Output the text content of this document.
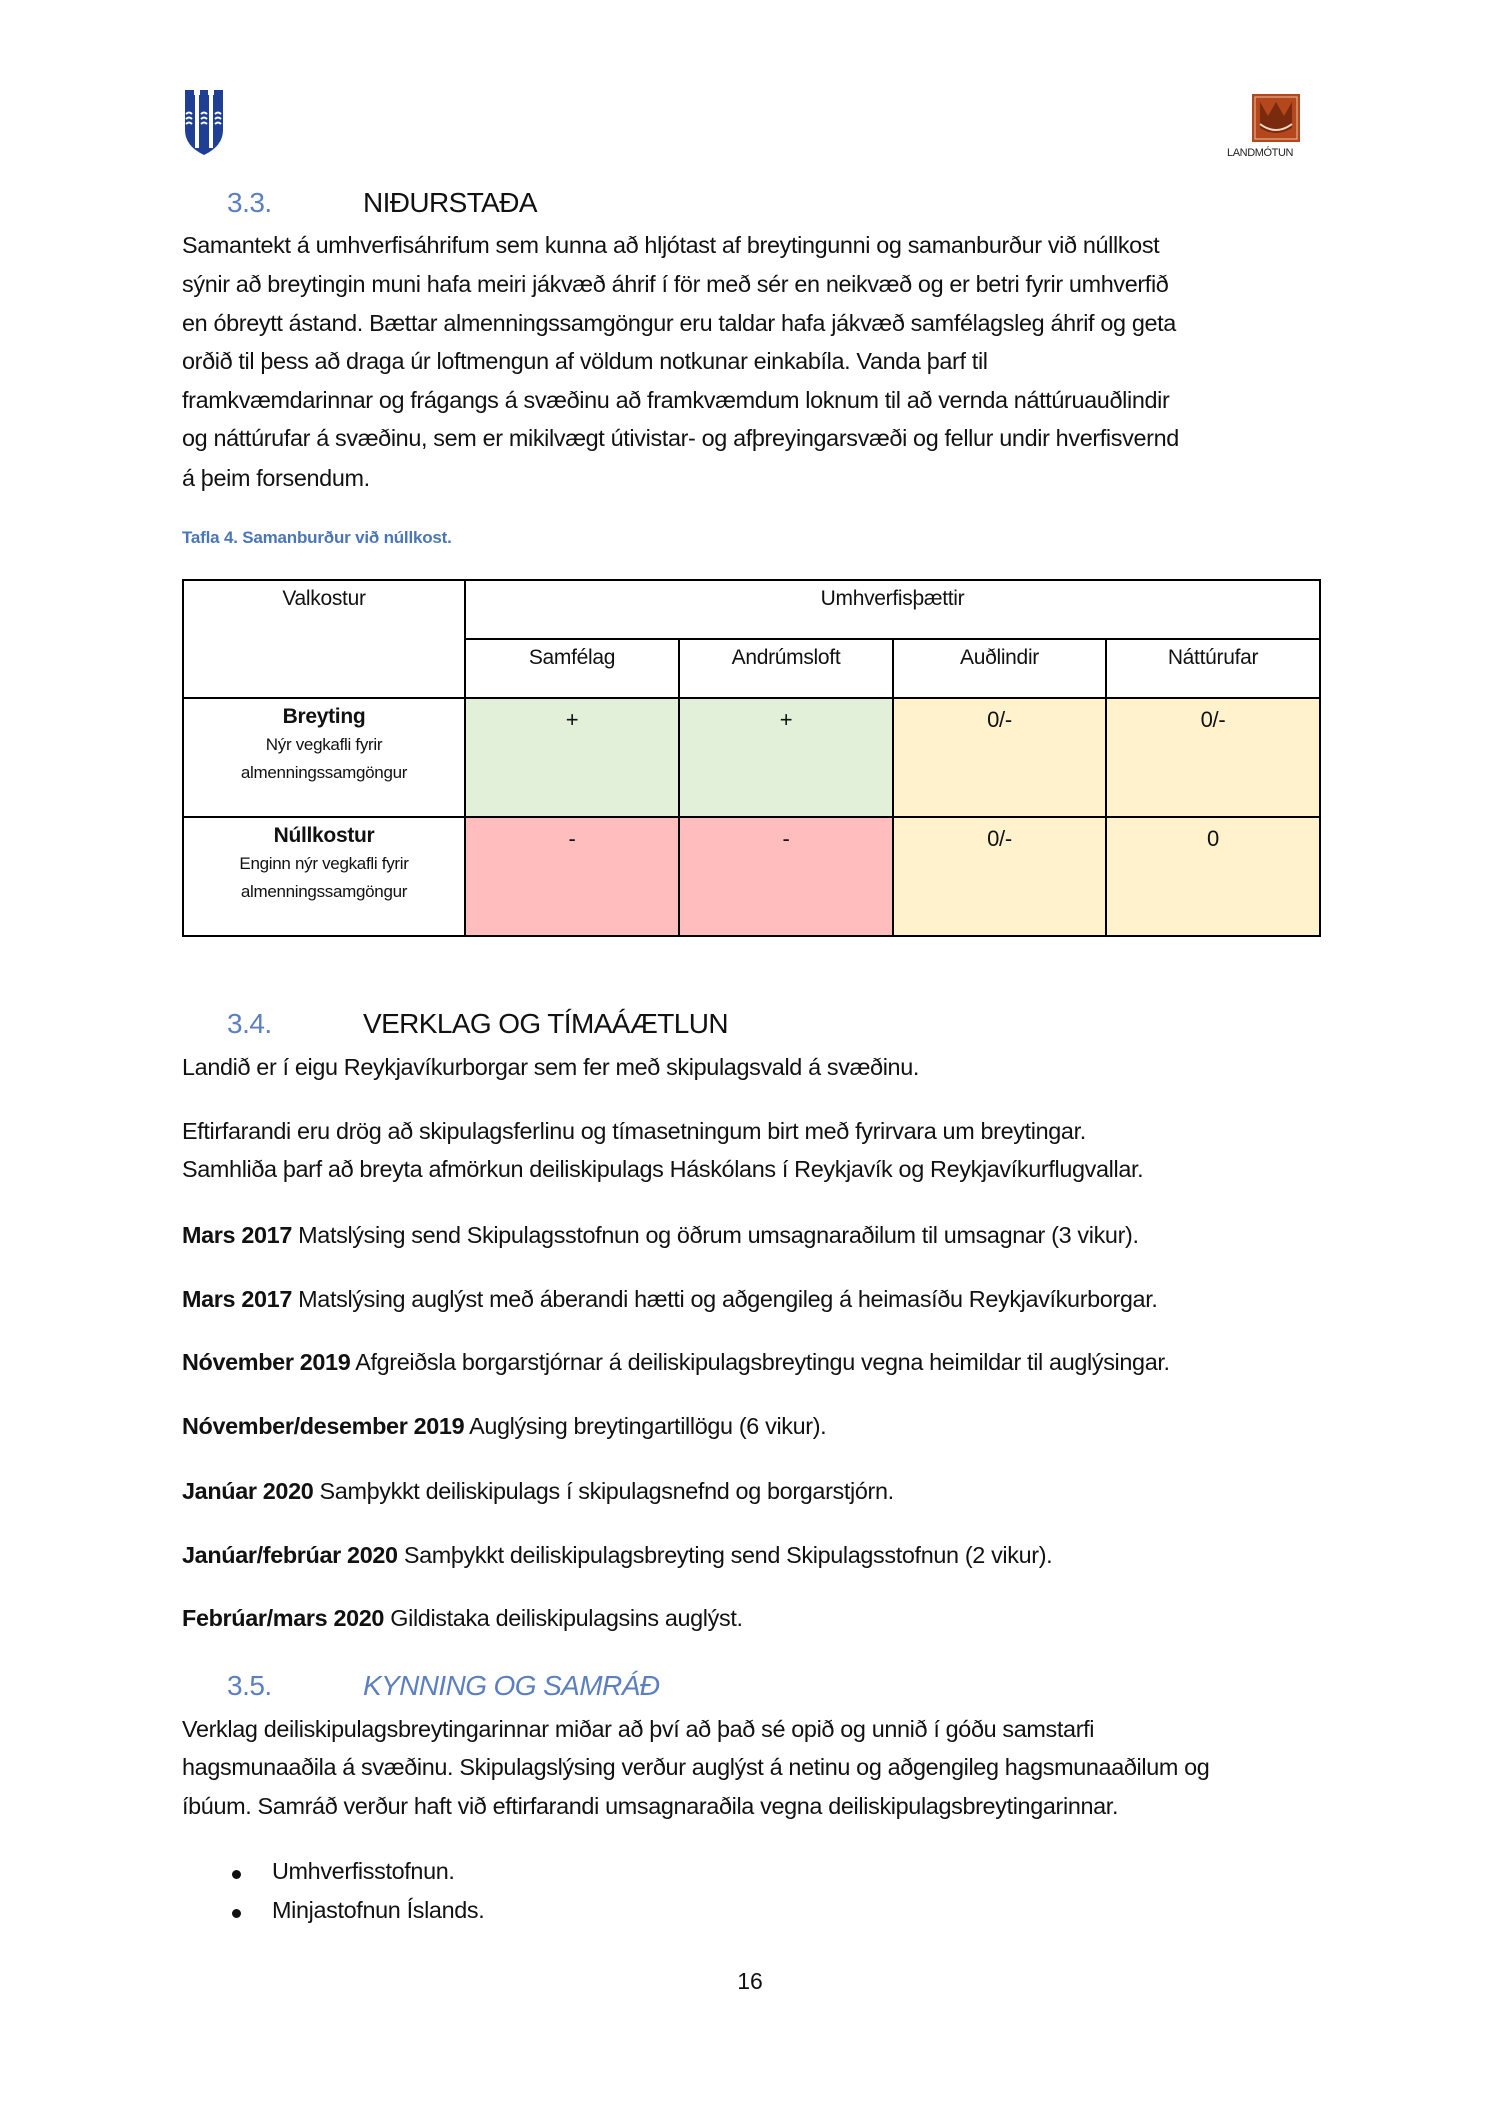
LANDMÓTUN
3.3.	NIÐURSTAÐA
Samantekt á umhverfisáhrifum sem kunna að hljótast af breytingunni og samanburður við núllkost
sýnir að breytingin muni hafa meiri jákvæð áhrif í för með sér en neikvæð og er betri fyrir umhverfið
en óbreytt ástand. Bættar almenningssamgöngur eru taldar hafa jákvæð samfélagsleg áhrif og geta
orðið til þess að draga úr loftmengun af völdum notkunar einkabíla. Vanda þarf til
framkvæmdarinnar og frágangs á svæðinu að framkvæmdum loknum til að vernda náttúruauðlindir
og náttúrufar á svæðinu, sem er mikilvægt útivistar- og afþreyingarsvæði og fellur undir hverfisvernd
á þeim forsendum.
Tafla 4. Samanburður við núllkost.
Valkostur	Umhverfisþættir			
	Samfélag	Andrúmsloft	Auðlindir	Náttúrufar

Breyting
Nýr vegkafli fyrir
almenningssamgöngur	+	+	0/-	0/-

Núllkostur
Enginn nýr vegkafli fyrir
almenningssamgöngur	-	-	0/-	0
3.4.	VERKLAG OG TÍMAÁÆTLUN
Landið er í eigu Reykjavíkurborgar sem fer með skipulagsvald á svæðinu.
Eftirfarandi eru drög að skipulagsferlinu og tímasetningum birt með fyrirvara um breytingar.
Samhliða þarf að breyta afmörkun deiliskipulags Háskólans í Reykjavík og Reykjavíkurflugvallar.
Mars 2017 Matslýsing send Skipulagsstofnun og öðrum umsagnaraðilum til umsagnar (3 vikur).
Mars 2017 Matslýsing auglýst með áberandi hætti og aðgengileg á heimasíðu Reykjavíkurborgar.
Nóvember 2019 Afgreiðsla borgarstjórnar á deiliskipulagsbreytingu vegna heimildar til auglýsingar.
Nóvember/desember 2019 Auglýsing breytingartillögu (6 vikur).
Janúar 2020 Samþykkt deiliskipulags í skipulagsnefnd og borgarstjórn.
Janúar/febrúar 2020 Samþykkt deiliskipulagsbreyting send Skipulagsstofnun (2 vikur).
Febrúar/mars 2020 Gildistaka deiliskipulagsins auglýst.
3.5.	KYNNING OG SAMRÁÐ
Verklag deiliskipulagsbreytingarinnar miðar að því að það sé opið og unnið í góðu samstarfi
hagsmunaaðila á svæðinu. Skipulagslýsing verður auglýst á netinu og aðgengileg hagsmunaaðilum og
íbúum. Samráð verður haft við eftirfarandi umsagnaraðila vegna deiliskipulagsbreytingarinnar.
Umhverfisstofnun.
Minjastofnun Íslands.
16
